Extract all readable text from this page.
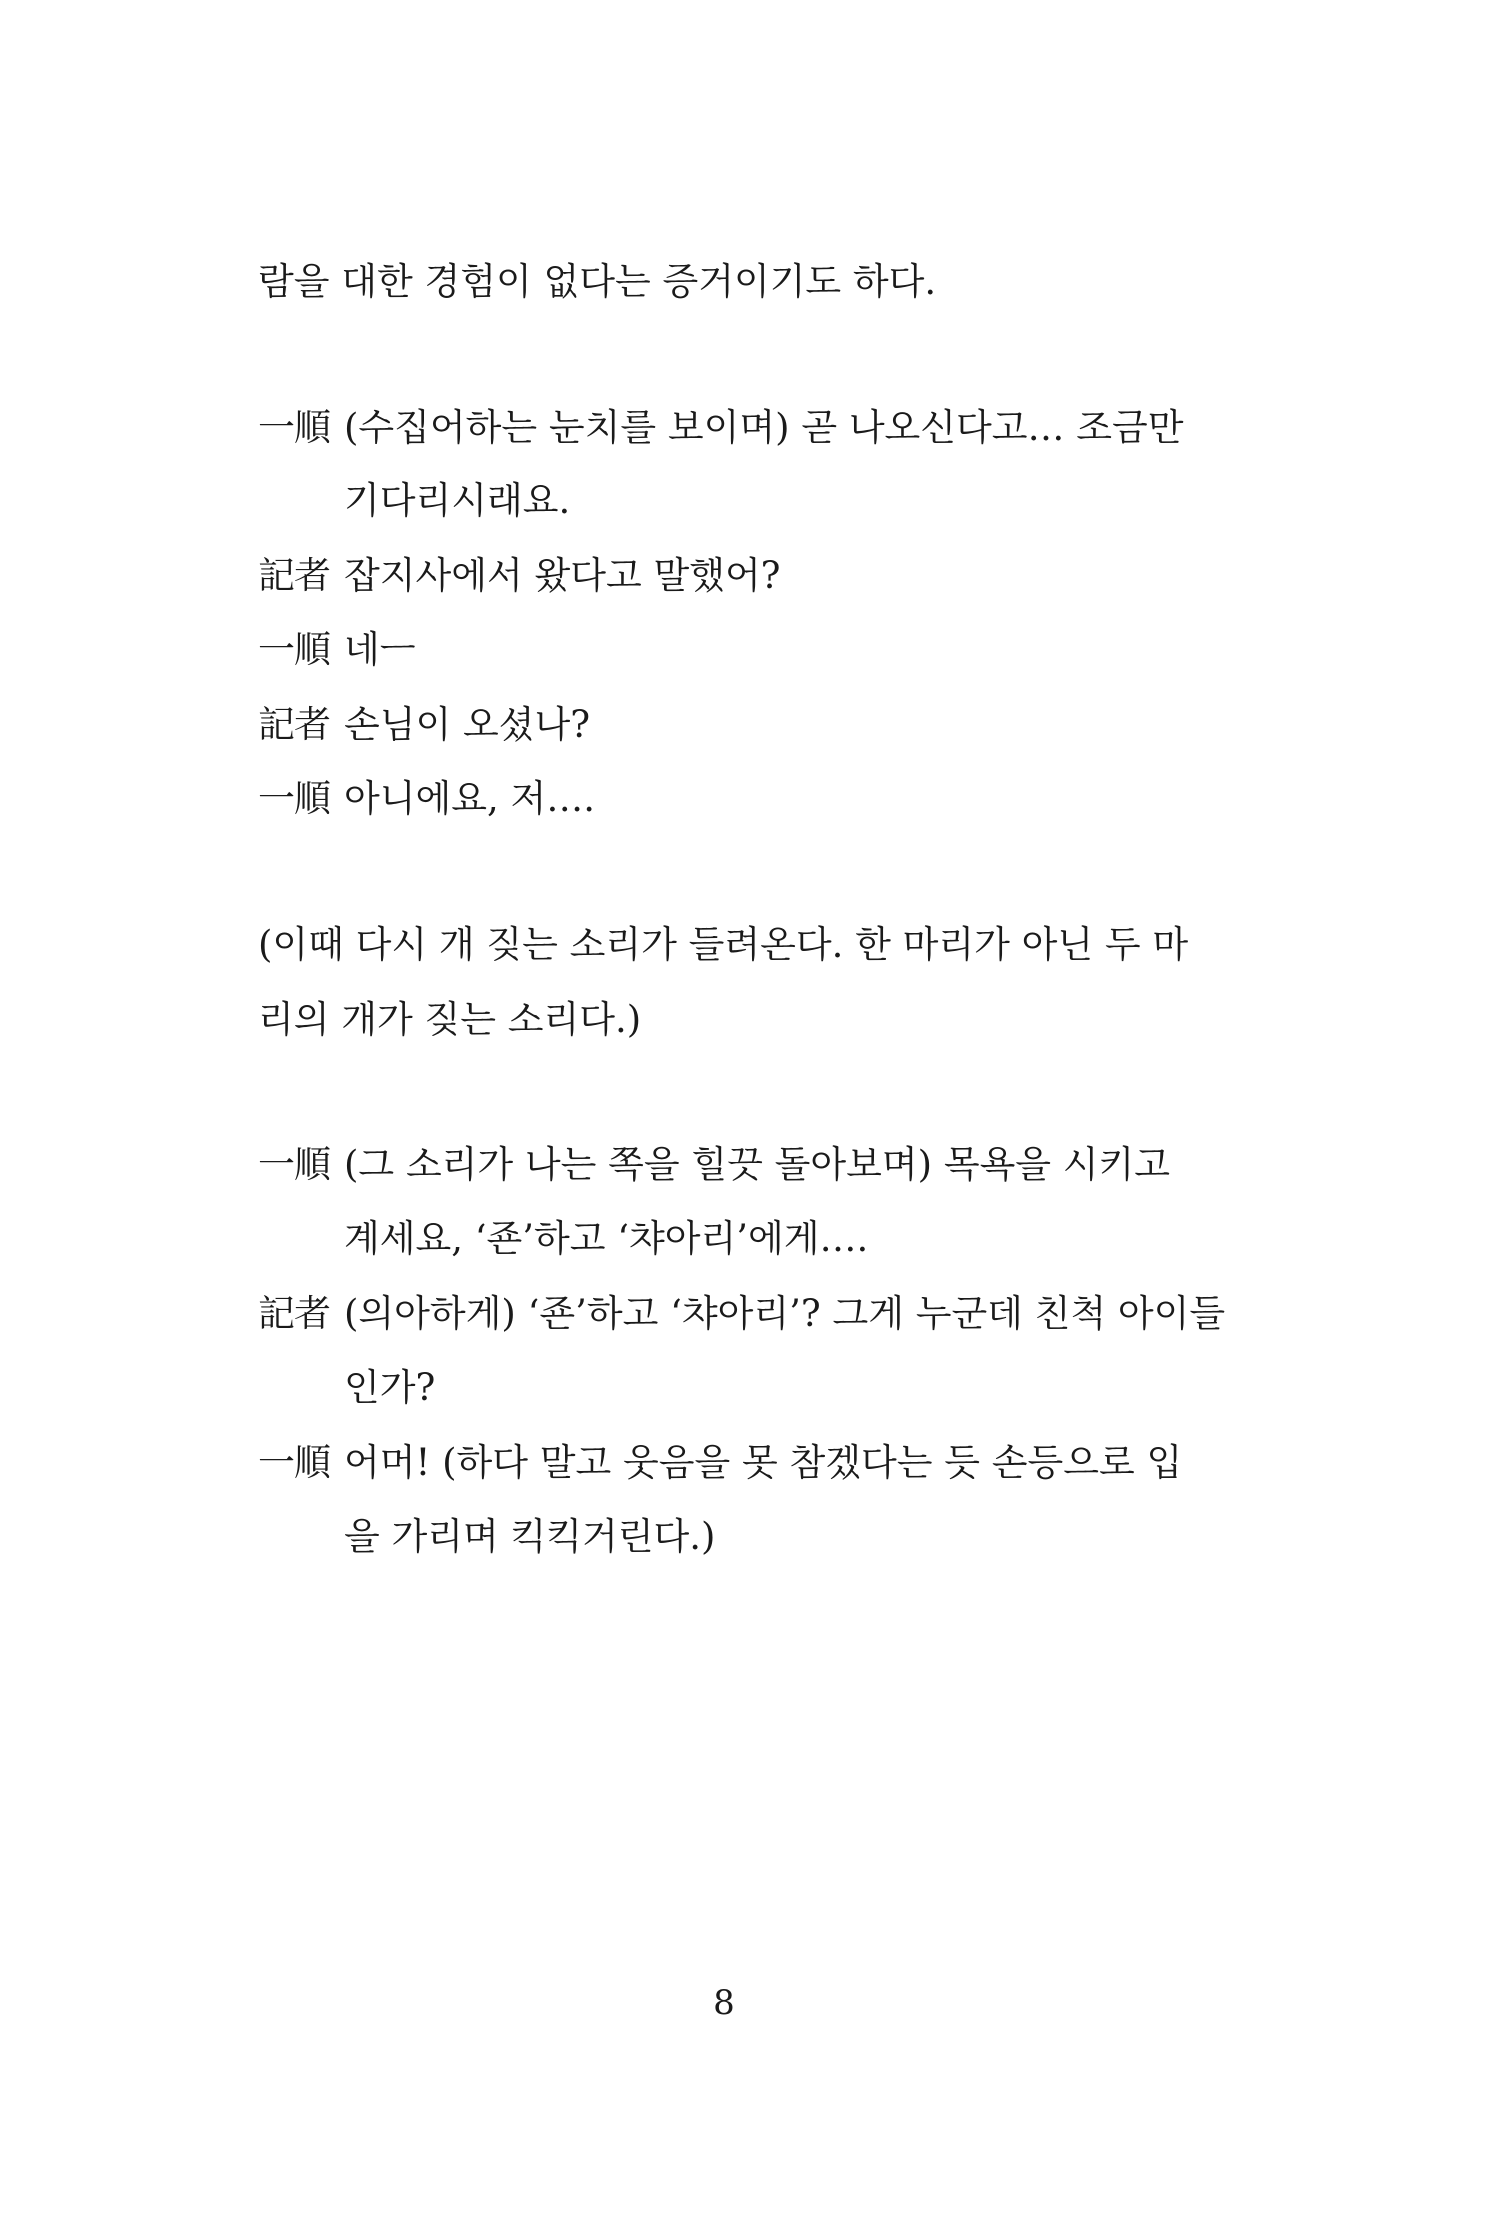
람을 대한 경험이 없다는 증거이기도 하다.
一順 (수집어하는 눈치를 보이며) 곧 나오신다고… 조금만
기다리시래요.
記者 잡지사에서 왔다고 말했어?
一順 네ㅡ
記者 손님이 오셨나?
一順 아니에요, 저….
(이때 다시 개 짖는 소리가 들려온다. 한 마리가 아닌 두 마
리의 개가 짖는 소리다.)
一順 (그 소리가 나는 쪽을 힐끗 돌아보며) 목욕을 시키고
계세요, ‘죤’하고 ‘챠아리’에게….
記者 (의아하게) ‘죤’하고 ‘챠아리’? 그게 누군데 친척 아이들
인가?
一順 어머! (하다 말고 웃음을 못 참겠다는 듯 손등으로 입
을 가리며 킥킥거린다.)
8
